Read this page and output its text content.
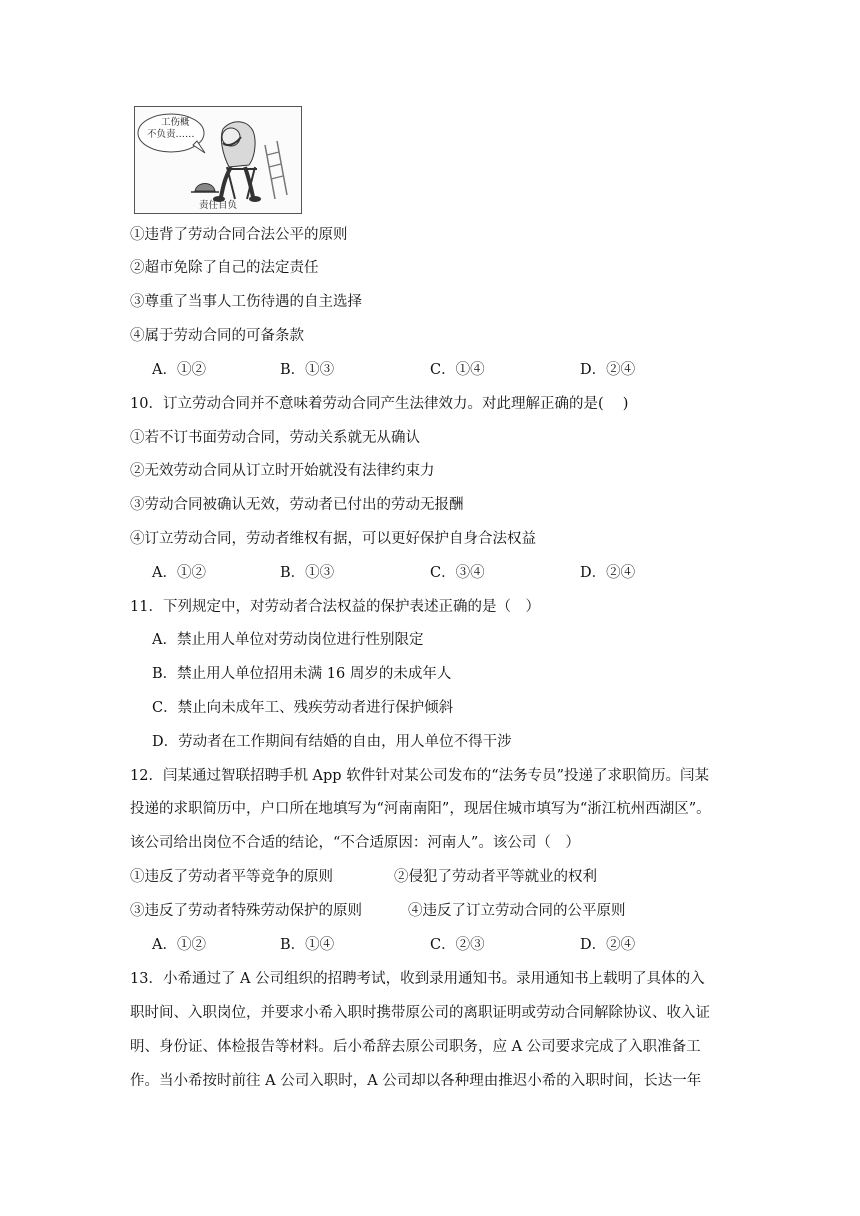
工伤概
不负责……
责任自负
①违背了劳动合同合法公平的原则
②超市免除了自己的法定责任
③尊重了当事人工伤待遇的自主选择
④属于劳动合同的可备条款
A．①②	B．①③	C．①④	D．②④
10．订立劳动合同并不意味着劳动合同产生法律效力。对此理解正确的是(　 )
①若不订书面劳动合同，劳动关系就无从确认
②无效劳动合同从订立时开始就没有法律约束力
③劳动合同被确认无效，劳动者已付出的劳动无报酬
④订立劳动合同，劳动者维权有据，可以更好保护自身合法权益
A．①②	B．①③	C．③④	D．②④
11．下列规定中，对劳动者合法权益的保护表述正确的是（　）
A．禁止用人单位对劳动岗位进行性别限定
B．禁止用人单位招用未满 16 周岁的未成年人
C．禁止向未成年工、残疾劳动者进行保护倾斜
D．劳动者在工作期间有结婚的自由，用人单位不得干涉
12．闫某通过智联招聘手机 App 软件针对某公司发布的“法务专员”投递了求职简历。闫某
投递的求职简历中，户口所在地填写为“河南南阳”，现居住城市填写为“浙江杭州西湖区”。
该公司给出岗位不合适的结论，“不合适原因：河南人”。该公司（　）
①违反了劳动者平等竞争的原则	②侵犯了劳动者平等就业的权利
③违反了劳动者特殊劳动保护的原则	④违反了订立劳动合同的公平原则
A．①②	B．①④	C．②③	D．②④
13．小希通过了 A 公司组织的招聘考试，收到录用通知书。录用通知书上载明了具体的入
职时间、入职岗位，并要求小希入职时携带原公司的离职证明或劳动合同解除协议、收入证
明、身份证、体检报告等材料。后小希辞去原公司职务，应 A 公司要求完成了入职准备工
作。当小希按时前往 A 公司入职时，A 公司却以各种理由推迟小希的入职时间，长达一年
